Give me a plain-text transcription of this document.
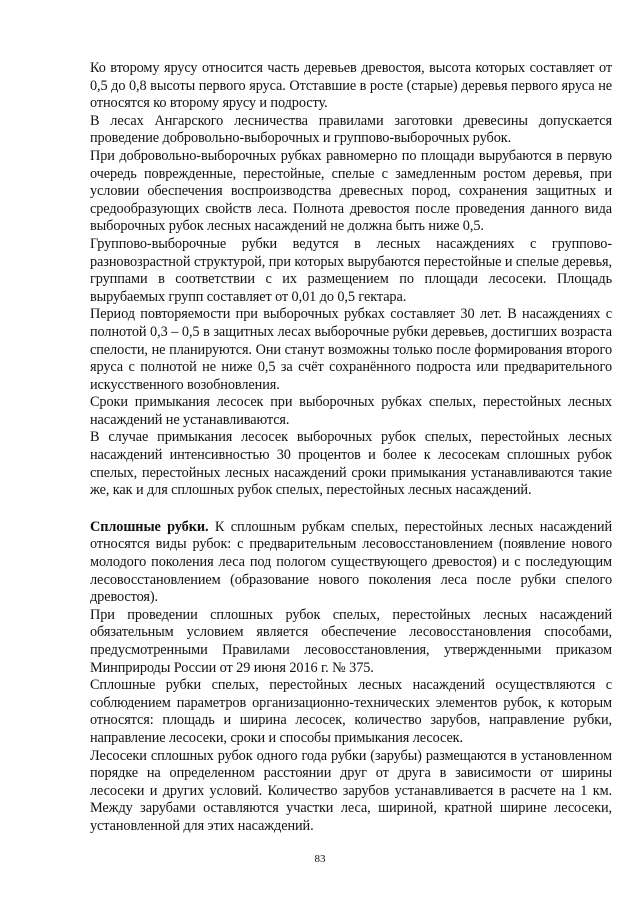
Ко второму ярусу относится часть деревьев древостоя, высота которых составляет от 0,5 до 0,8 высоты первого яруса. Отставшие в росте (старые) деревья первого яруса не относятся ко второму ярусу и подросту.

В лесах Ангарского лесничества правилами заготовки древесины допускается проведение добровольно-выборочных и группово-выборочных рубок.

При добровольно-выборочных рубках равномерно по площади вырубаются в первую очередь поврежденные, перестойные, спелые с замедленным ростом деревья, при условии обеспечения воспроизводства древесных пород, сохранения защитных и средообразующих свойств леса. Полнота древостоя после проведения данного вида выборочных рубок лесных насаждений не должна быть ниже 0,5.

Группово-выборочные рубки ведутся в лесных насаждениях с группово-разновозрастной структурой, при которых вырубаются перестойные и спелые деревья, группами в соответствии с их размещением по площади лесосеки. Площадь вырубаемых групп составляет от 0,01 до 0,5 гектара.

Период повторяемости при выборочных рубках составляет 30 лет. В насаждениях с полнотой 0,3 – 0,5 в защитных лесах выборочные рубки деревьев, достигших возраста спелости, не планируются. Они станут возможны только после формирования второго яруса с полнотой не ниже 0,5 за счёт сохранённого подроста или предварительного искусственного возобновления.

Сроки примыкания лесосек при выборочных рубках спелых, перестойных лесных насаждений не устанавливаются.

В случае примыкания лесосек выборочных рубок спелых, перестойных лесных насаждений интенсивностью 30 процентов и более к лесосекам сплошных рубок спелых, перестойных лесных насаждений сроки примыкания устанавливаются такие же, как и для сплошных рубок спелых, перестойных лесных насаждений.

Сплошные рубки. К сплошным рубкам спелых, перестойных лесных насаждений относятся виды рубок: с предварительным лесовосстановлением (появление нового молодого поколения леса под пологом существующего древостоя) и с последующим лесовосстановлением (образование нового поколения леса после рубки спелого древостоя).

При проведении сплошных рубок спелых, перестойных лесных насаждений обязательным условием является обеспечение лесовосстановления способами, предусмотренными Правилами лесовосстановления, утвержденными приказом Минприроды России от 29 июня 2016 г. № 375.

Сплошные рубки спелых, перестойных лесных насаждений осуществляются с соблюдением параметров организационно-технических элементов рубок, к которым относятся: площадь и ширина лесосек, количество зарубов, направление рубки, направление лесосеки, сроки и способы примыкания лесосек.

Лесосеки сплошных рубок одного года рубки (зарубы) размещаются в установленном порядке на определенном расстоянии друг от друга в зависимости от ширины лесосеки и других условий. Количество зарубов устанавливается в расчете на 1 км. Между зарубами оставляются участки леса, шириной, кратной ширине лесосеки, установленной для этих насаждений.

83
